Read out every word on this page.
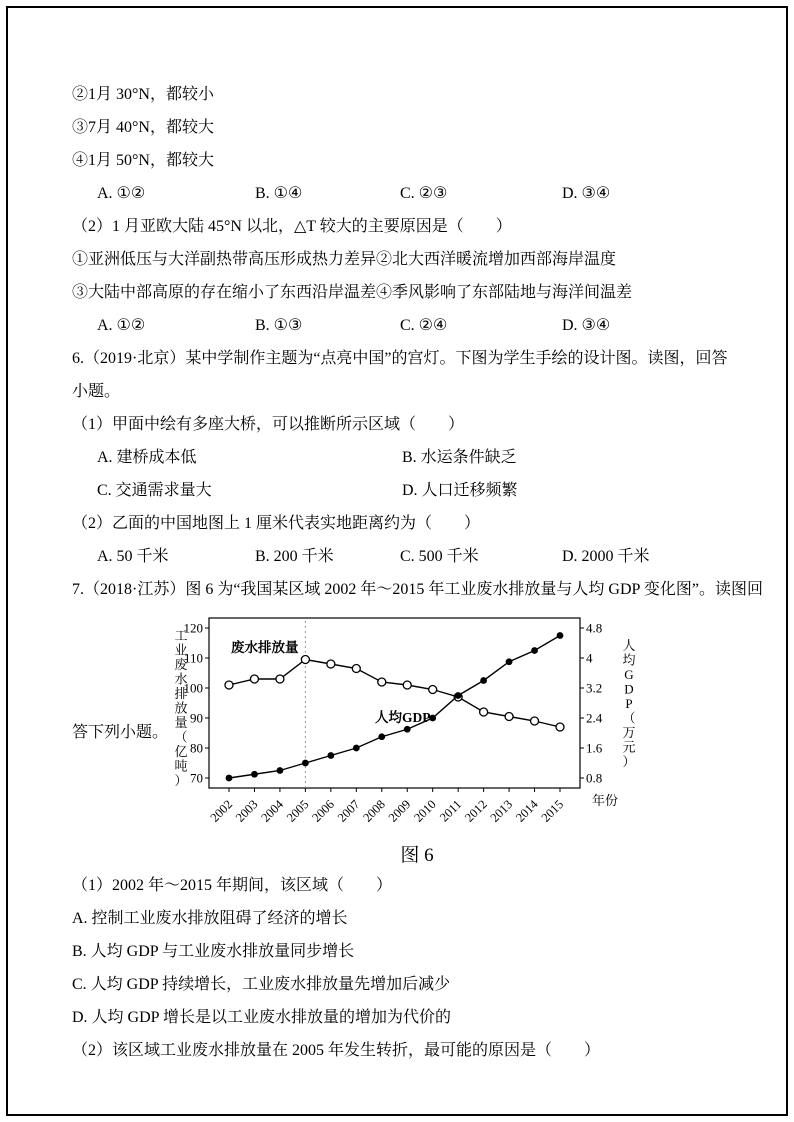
②1月 30°N，都较小

③7月 40°N，都较大

④1月 50°N，都较大

A. ①②	B. ①④	C. ②③	D. ③④

（2）1 月亚欧大陆 45°N 以北，△T 较大的主要原因是（　　）

①亚洲低压与大洋副热带高压形成热力差异②北大西洋暖流增加西部海岸温度

③大陆中部高原的存在缩小了东西沿岸温差④季风影响了东部陆地与海洋间温差

A. ①②	B. ①③	C. ②④	D. ③④

6.（2019·北京）某中学制作主题为“点亮中国”的宫灯。下图为学生手绘的设计图。读图，回答小题。

（1）甲面中绘有多座大桥，可以推断所示区域（　　）

A. 建桥成本低	B. 水运条件缺乏
C. 交通需求量大	D. 人口迁移频繁

（2）乙面的中国地图上 1 厘米代表实地距离约为（　　）

A. 50 千米	B. 200 千米	C. 500 千米	D. 2000 千米

7.（2018·江苏）图 6 为“我国某区域 2002 年～2015 年工业废水排放量与人均 GDP 变化图”。读图回

答下列小题。
70
80
90
100
110
120
0.8
1.6
2.4
3.2
4
4.8
2002
2003
2004
2005
2006
2007
2008
2009
2010
2011
2012
2013
2014
2015 年份
废水排放量
人均GDP
工业废水排放量（亿吨）
人均 G D P （万元）
图 6

（1）2002 年～2015 年期间，该区域（　　）

A. 控制工业废水排放阻碍了经济的增长

B. 人均 GDP 与工业废水排放量同步增长

C. 人均 GDP 持续增长，工业废水排放量先增加后减少

D. 人均 GDP 增长是以工业废水排放量的增加为代价的

（2）该区域工业废水排放量在 2005 年发生转折，最可能的原因是（　　）
